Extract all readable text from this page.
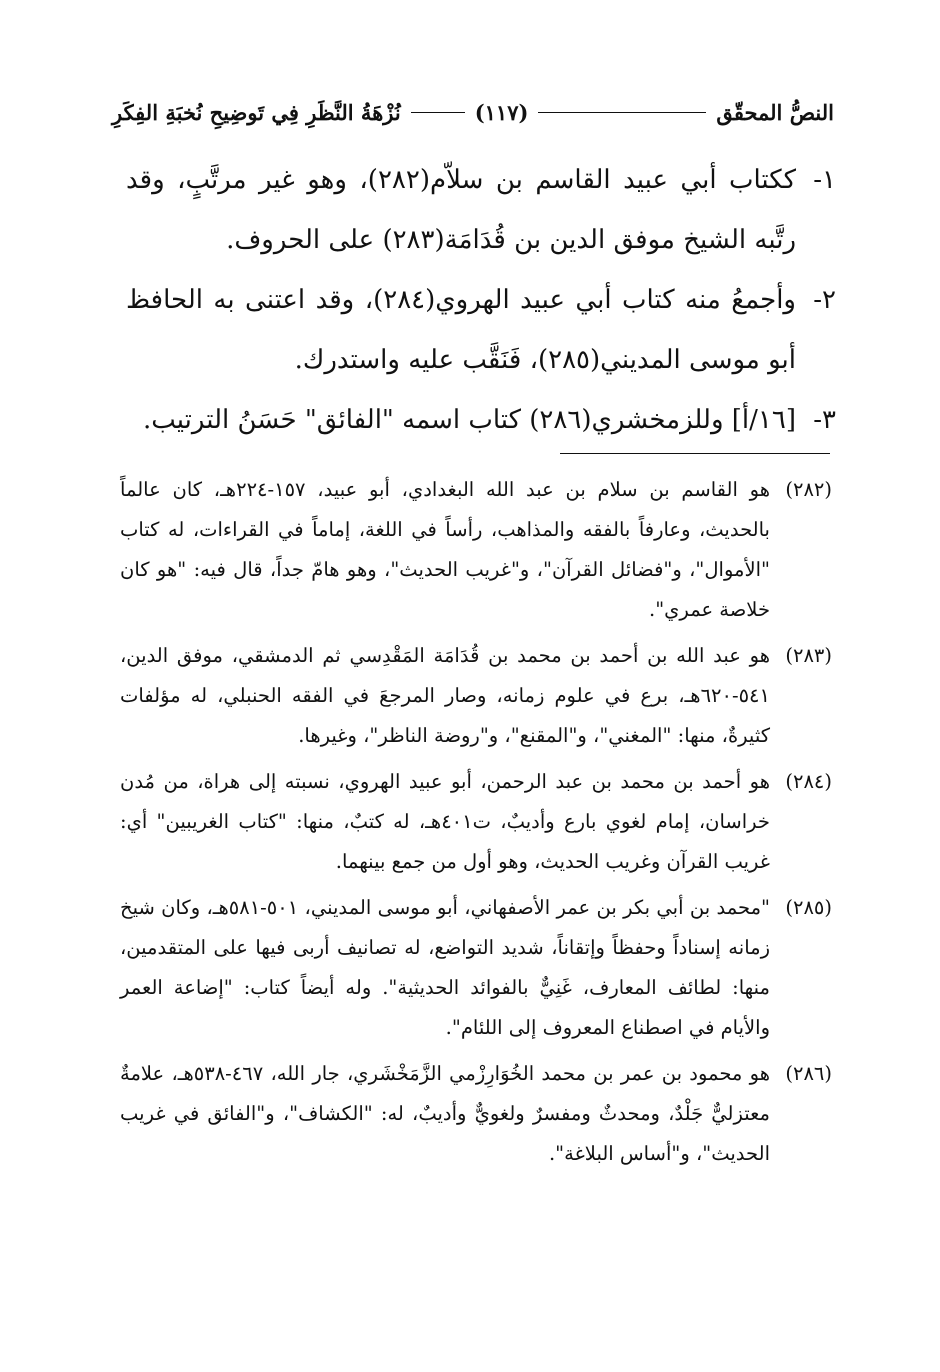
النصُّ المحقّق
(١١٧)
نُزْهَةُ النَّظَرِ فِي تَوضِيحِ نُخبَةِ الفِكَرِ
١-
ككتاب أبي عبيد القاسم بن سلاّم(٢٨٢)، وهو غير مرتَّبٍ، وقد رتَّبه الشيخ موفق الدين بن قُدَامَة(٢٨٣) على الحروف.
٢-
وأجمعُ منه كتاب أبي عبيد الهروي(٢٨٤)، وقد اعتنى به الحافظ أبو موسى المديني(٢٨٥)، فَنَقَّب عليه واستدرك.
٣-
[١٦/أ] وللزمخشري(٢٨٦) كتاب اسمه "الفائق" حَسَنُ الترتيب.
(٢٨٢)
هو القاسم بن سلام بن عبد الله البغدادي، أبو عبيد، ١٥٧-٢٢٤هـ، كان عالماً بالحديث، وعارفاً بالفقه والمذاهب، رأساً في اللغة، إماماً في القراءات، له كتاب "الأموال"، و"فضائل القرآن"، و"غريب الحديث"، وهو هامّ جداً، قال فيه: "هو كان خلاصة عمري".
(٢٨٣)
هو عبد الله بن أحمد بن محمد بن قُدَامَة المَقْدِسي ثم الدمشقي، موفق الدين، ٥٤١-٦٢٠هـ، برع في علوم زمانه، وصار المرجعَ في الفقه الحنبلي، له مؤلفات كثيرةٌ، منها: "المغني"، و"المقنع"، و"روضة الناظر"، وغيرها.
(٢٨٤)
هو أحمد بن محمد بن عبد الرحمن، أبو عبيد الهروي، نسبته إلى هراة، من مُدن خراسان، إمام لغوي بارع وأديبٌ، ت٤٠١هـ، له كتبٌ، منها: "كتاب الغريبين" أي: غريب القرآن وغريب الحديث، وهو أول من جمع بينهما.
(٢٨٥)
"محمد بن أبي بكر بن عمر الأصفهاني، أبو موسى المديني، ٥٠١-٥٨١هـ، وكان شيخ زمانه إسناداً وحفظاً وإتقاناً، شديد التواضع، له تصانيف أربى فيها على المتقدمين، منها: لطائف المعارف، غَنِيٌّ بالفوائد الحديثية". وله أيضاً كتاب: "إضاعة العمر والأيام في اصطناع المعروف إلى اللئام".
(٢٨٦)
هو محمود بن عمر بن محمد الخُوَارِزْمي الزَّمَخْشَري، جار الله، ٤٦٧-٥٣٨هـ، علامةٌ معتزليٌّ جَلْدٌ، ومحدثٌ ومفسرٌ ولغويٌّ وأديبٌ، له: "الكشاف"، و"الفائق في غريب الحديث"، و"أساس البلاغة".
